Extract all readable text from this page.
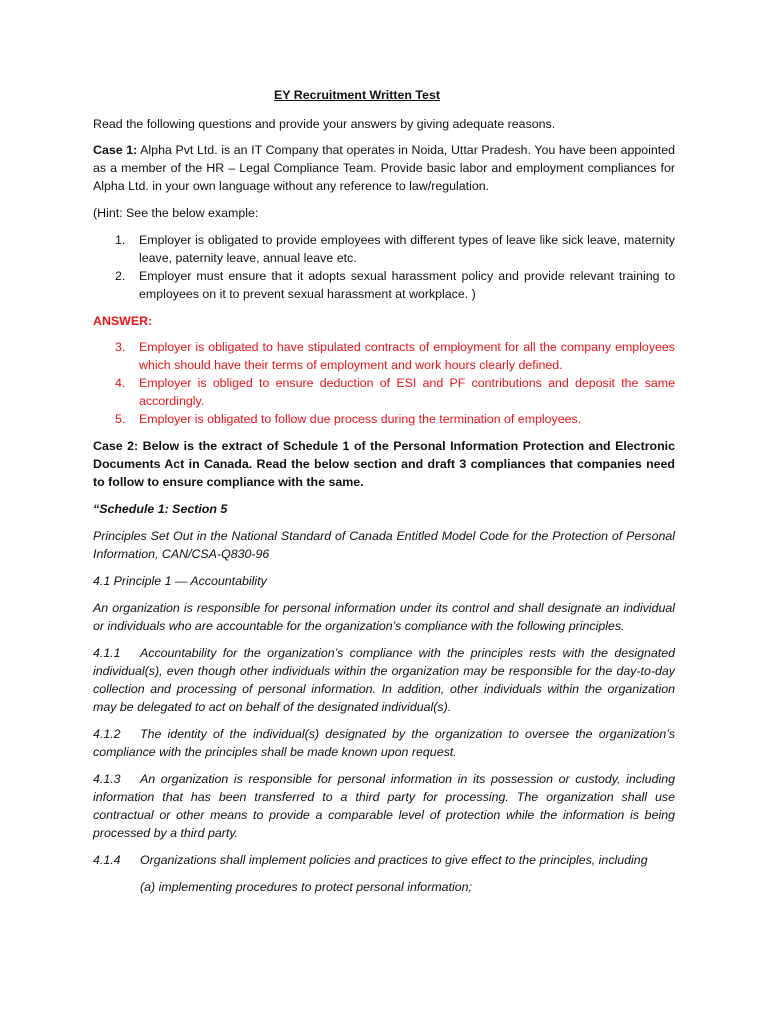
EY Recruitment Written Test

Read the following questions and provide your answers by giving adequate reasons.

Case 1: Alpha Pvt Ltd. is an IT Company that operates in Noida, Uttar Pradesh. You have been appointed as a member of the HR – Legal Compliance Team. Provide basic labor and employment compliances for Alpha Ltd. in your own language without any reference to law/regulation.

(Hint: See the below example:

1. Employer is obligated to provide employees with different types of leave like sick leave, maternity leave, paternity leave, annual leave etc.
2. Employer must ensure that it adopts sexual harassment policy and provide relevant training to employees on it to prevent sexual harassment at workplace. )

ANSWER:

3. Employer is obligated to have stipulated contracts of employment for all the company employees which should have their terms of employment and work hours clearly defined.
4. Employer is obliged to ensure deduction of ESI and PF contributions and deposit the same accordingly.
5. Employer is obligated to follow due process during the termination of employees.

Case 2: Below is the extract of Schedule 1 of the Personal Information Protection and Electronic Documents Act in Canada. Read the below section and draft 3 compliances that companies need to follow to ensure compliance with the same.

“Schedule 1: Section 5

Principles Set Out in the National Standard of Canada Entitled Model Code for the Protection of Personal Information, CAN/CSA-Q830-96

4.1 Principle 1 — Accountability

An organization is responsible for personal information under its control and shall designate an individual or individuals who are accountable for the organization’s compliance with the following principles.

4.1.1 Accountability for the organization’s compliance with the principles rests with the designated individual(s), even though other individuals within the organization may be responsible for the day-to-day collection and processing of personal information. In addition, other individuals within the organization may be delegated to act on behalf of the designated individual(s).

4.1.2 The identity of the individual(s) designated by the organization to oversee the organization’s compliance with the principles shall be made known upon request.

4.1.3 An organization is responsible for personal information in its possession or custody, including information that has been transferred to a third party for processing. The organization shall use contractual or other means to provide a comparable level of protection while the information is being processed by a third party.

4.1.4 Organizations shall implement policies and practices to give effect to the principles, including

(a) implementing procedures to protect personal information;
